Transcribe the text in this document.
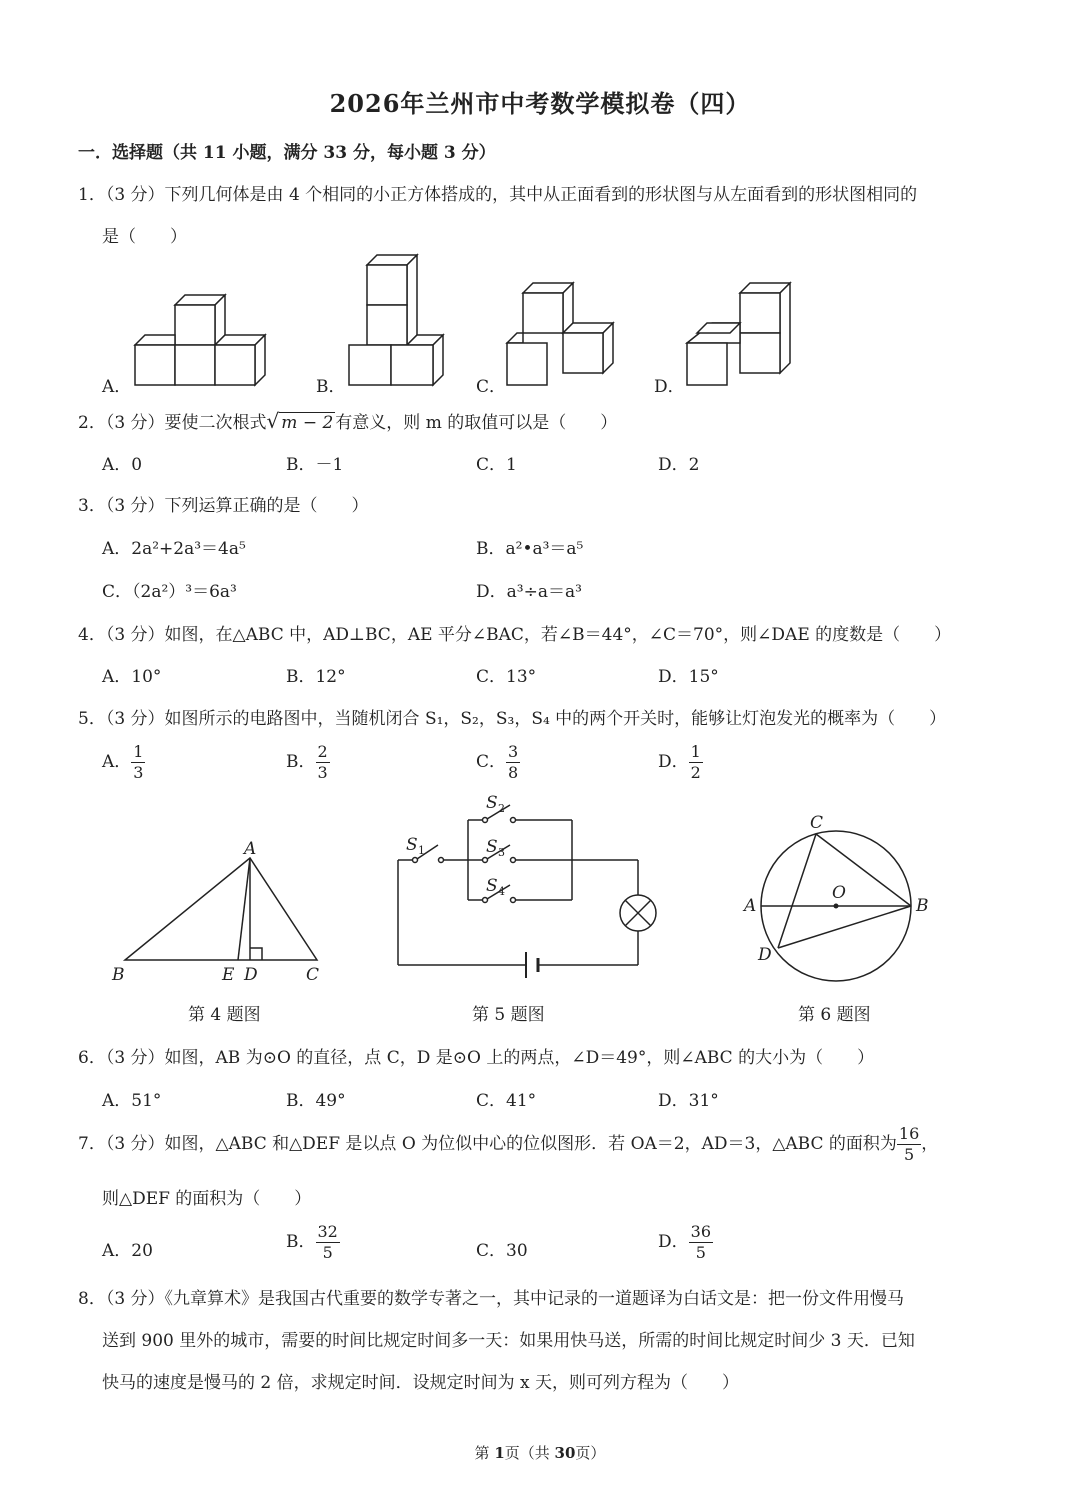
2026年兰州市中考数学模拟卷（四）
一．选择题（共 11 小题，满分 33 分，每小题 3 分）
1．（3 分）下列几何体是由 4 个相同的小正方体搭成的，其中从正面看到的形状图与从左面看到的形状图相同的
是（　　）
A．	B．	C．	D．
2．（3 分）要使二次根式√ m − 2 有意义，则 m 的取值可以是（　　）
A．0	B．－1	C．1	D．2
3．（3 分）下列运算正确的是（　　）
A．2a²+2a³＝4a⁵	B．a²•a³＝a⁵
C．（2a²）³＝6a³	D．a³÷a＝a³
4．（3 分）如图，在△ABC 中，AD⊥BC，AE 平分∠BAC，若∠B＝44°，∠C＝70°，则∠DAE 的度数是（　　）
A．10°	B．12°	C．13°	D．15°
5．（3 分）如图所示的电路图中，当随机闭合 S₁，S₂，S₃，S₄ 中的两个开关时，能够让灯泡发光的概率为（　　）
A． $\frac{1}{3}$	B． $\frac{2}{3}$	C． $\frac{3}{8}$	D． $\frac{1}{2}$
A
B	E D	C
S 1
S 2
S 3
S 4
C
O
A	B
D
第 4 题图	第 5 题图	第 6 题图
6．（3 分）如图，AB 为⊙O 的直径，点 C，D 是⊙O 上的两点，∠D＝49°，则∠ABC 的大小为（　　）
A．51°	B．49°	C．41°	D．31°
7．（3 分）如图，△ABC 和△DEF 是以点 O 为位似中心的位似图形．若 OA＝2，AD＝3，△ABC 的面积为 $\frac{16}{5}$ ，
则△DEF 的面积为（　　）
A．20	B． $\frac{32}{5}$	C．30	D． $\frac{36}{5}$
8．（3 分）《九章算术》是我国古代重要的数学专著之一，其中记录的一道题译为白话文是：把一份文件用慢马
送到 900 里外的城市，需要的时间比规定时间多一天：如果用快马送，所需的时间比规定时间少 3 天．已知
快马的速度是慢马的 2 倍，求规定时间．设规定时间为 x 天，则可列方程为（　　）
第 1页（共 30页）
